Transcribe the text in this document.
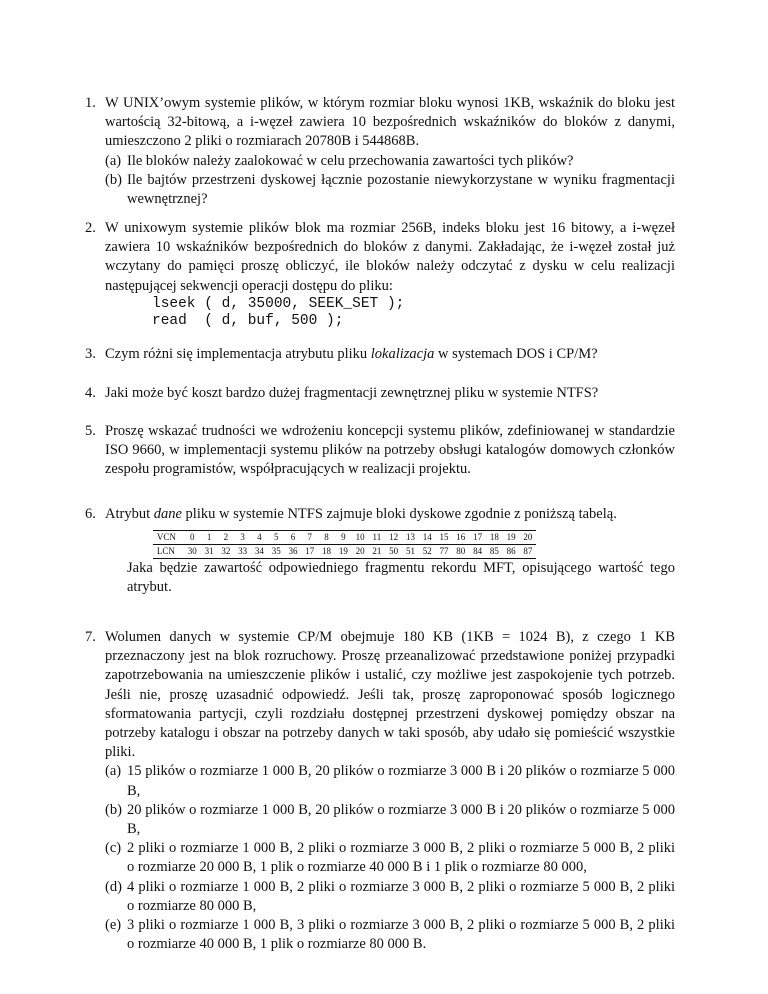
1. W UNIX’owym systemie plików, w którym rozmiar bloku wynosi 1KB, wskaźnik do bloku jest wartością 32-bitową, a i-węzeł zawiera 10 bezpośrednich wskaźników do bloków z danymi, umieszczono 2 pliki o rozmiarach 20780B i 544868B.

(a) Ile bloków należy zaalokować w celu przechowania zawartości tych plików?
(b) Ile bajtów przestrzeni dyskowej łącznie pozostanie niewykorzystane w wyniku fragmentacji wewnętrznej?
2. W unixowym systemie plików blok ma rozmiar 256B, indeks bloku jest 16 bitowy, a i-węzeł zawiera 10 wskaźników bezpośrednich do bloków z danymi. Zakładając, że i-węzeł został już wczytany do pamięci proszę obliczyć, ile bloków należy odczytać z dysku w celu realizacji następującej sekwencji operacji dostępu do pliku:

lseek ( d, 35000, SEEK_SET );
read  ( d, buf, 500 );
3. Czym różni się implementacja atrybutu pliku lokalizacja w systemach DOS i CP/M?

4. Jaki może być koszt bardzo dużej fragmentacji zewnętrznej pliku w systemie NTFS?

5. Proszę wskazać trudności we wdrożeniu koncepcji systemu plików, zdefiniowanej w standardzie ISO 9660, w implementacji systemu plików na potrzeby obsługi katalogów domowych członków zespołu programistów, współpracujących w realizacji projektu.

6. Atrybut dane pliku w systemie NTFS zajmuje bloki dyskowe zgodnie z poniższą tabelą.

VCN	0	1	2	3	4	5	6	7	8	9	10	11	12	13	14	15	16	17	18	19	20
LCN	30	31	32	33	34	35	36	17	18	19	20	21	50	51	52	77	80	84	85	86	87

Jaka będzie zawartość odpowiedniego fragmentu rekordu MFT, opisującego wartość tego atrybut.

7. Wolumen danych w systemie CP/M obejmuje 180 KB (1KB = 1024 B), z czego 1 KB przeznaczony jest na blok rozruchowy. Proszę przeanalizować przedstawione poniżej przypadki zapotrzebowania na umieszczenie plików i ustalić, czy możliwe jest zaspokojenie tych potrzeb. Jeśli nie, proszę uzasadnić odpowiedź. Jeśli tak, proszę zaproponować sposób logicznego sformatowania partycji, czyli rozdziału dostępnej przestrzeni dyskowej pomiędzy obszar na potrzeby katalogu i obszar na potrzeby danych w taki sposób, aby udało się pomieścić wszystkie pliki.

(a) 15 plików o rozmiarze 1 000 B, 20 plików o rozmiarze 3 000 B i 20 plików o rozmiarze 5 000 B,
(b) 20 plików o rozmiarze 1 000 B, 20 plików o rozmiarze 3 000 B i 20 plików o rozmiarze 5 000 B,
(c) 2 pliki o rozmiarze 1 000 B, 2 pliki o rozmiarze 3 000 B, 2 pliki o rozmiarze 5 000 B, 2 pliki o rozmiarze 20 000 B, 1 plik o rozmiarze 40 000 B i 1 plik o rozmiarze 80 000,
(d) 4 pliki o rozmiarze 1 000 B, 2 pliki o rozmiarze 3 000 B, 2 pliki o rozmiarze 5 000 B, 2 pliki o rozmiarze 80 000 B,
(e) 3 pliki o rozmiarze 1 000 B, 3 pliki o rozmiarze 3 000 B, 2 pliki o rozmiarze 5 000 B, 2 pliki o rozmiarze 40 000 B, 1 plik o rozmiarze 80 000 B.
